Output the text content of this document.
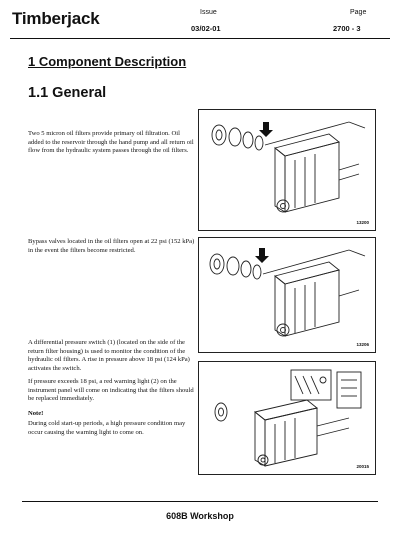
Timberjack	Issue
03/02-01
Page
2700 - 3
1 Component Description
1.1 General
Two 5 micron oil filters provide primary oil filtration. Oil added to the reservoir through the hand pump and all return oil flow from the hydraulic system passes through the oil filters.
Bypass valves located in the oil filters open at 22 psi (152 kPa) in the event the filters become restricted.
A differential pressure switch (1) (located on the side of the return filter housing) is used to monitor the condition of the hydraulic oil filters. A rise in pressure above 18 psi (124 kPa) activates the switch.
If pressure exceeds 18 psi, a red warning light (2) on the instrument panel will come on indicating that the filters should be replaced immediately.
Note!
During cold start-up periods, a high pressure condition may occur causing the warning light to come on.
13200
13206
20015
608B Workshop
